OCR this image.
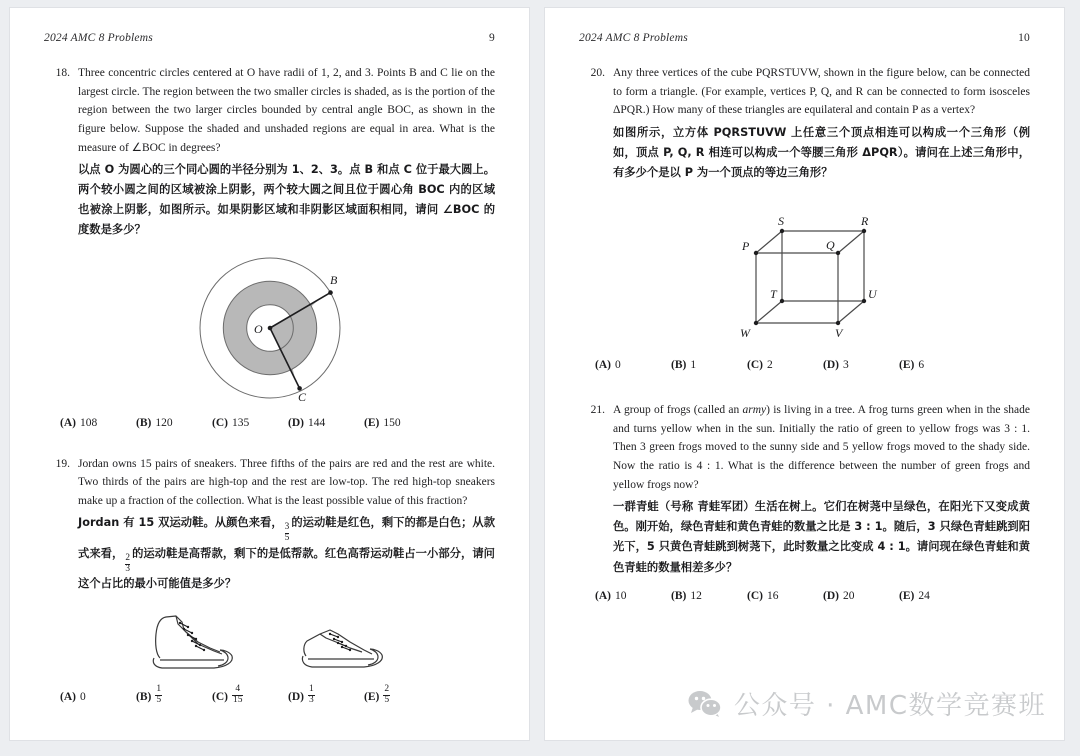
2024 AMC 8 Problems	9
18. Three concentric circles centered at O have radii of 1, 2, and 3. Points B and C lie on the largest circle. The region between the two smaller circles is shaded, as is the portion of the region between the two larger circles bounded by central angle BOC, as shown in the figure below. Suppose the shaded and unshaded regions are equal in area. What is the measure of ∠BOC in degrees?
以点 O 为圆心的三个同心圆的半径分别为 1、2、3。点 B 和点 C 位于最大圆上。两个较小圆之间的区域被涂上阴影，两个较大圆之间且位于圆心角 BOC 内的区域也被涂上阴影，如图所示。如果阴影区域和非阴影区域面积相同，请问 ∠BOC 的度数是多少？
O
B
C
(A) 108	(B) 120	(C) 135	(D) 144	(E) 150
19. Jordan owns 15 pairs of sneakers. Three fifths of the pairs are red and the rest are white. Two thirds of the pairs are high-top and the rest are low-top. The red high-top sneakers make up a fraction of the collection. What is the least possible value of this fraction?
Jordan 有 15 双运动鞋。从颜色来看，
$\frac{3}{5}$
的运动鞋是红色，剩下的都是白色；从款式来看，
$\frac{2}{3}$
的运动鞋是高帮款，剩下的是低帮款。红色高帮运动鞋占一小部分，请问这个占比的最小可能值是多少？
(A) 0	$(B) \frac{1}{5}$	$(C) \frac{4}{15}$	$(D) \frac{1}{3}$	$(E) \frac{2}{5}$
2024 AMC 8 Problems	10
20. Any three vertices of the cube PQRSTUVW, shown in the figure below, can be connected to form a triangle. (For example, vertices P, Q, and R can be connected to form isosceles ΔPQR.) How many of these triangles are equilateral and contain P as a vertex?
如图所示，立方体 PQRSTUVW 上任意三个顶点相连可以构成一个三角形（例如，顶点 P, Q, R 相连可以构成一个等腰三角形 ΔPQR）。请问在上述三角形中，有多少个是以 P 为一个顶点的等边三角形？
P	Q
R
S
T	U
V
W
(A) 0	(B) 1	(C) 2	(D) 3	(E) 6
21. A group of frogs (called an army) is living in a tree. A frog turns green when in the shade and turns yellow when in the sun. Initially the ratio of green to yellow frogs was 3 : 1. Then 3 green frogs moved to the sunny side and 5 yellow frogs moved to the shady side. Now the ratio is 4 : 1. What is the difference between the number of green frogs and yellow frogs now?
一群青蛙（号称 青蛙军团）生活在树上。它们在树荛中呈绿色，在阳光下又变成黄色。刚开始，绿色青蛙和黄色青蛙的数量之比是 3 : 1。随后，3 只绿色青蛙跳到阳光下，5 只黄色青蛙跳到树荛下，此时数量之比变成 4 : 1。请问现在绿色青蛙和黄色青蛙的数量相差多少？
(A) 10	(B) 12	(C) 16	(D) 20	(E) 24
公众号 · AMC数学竞赛班
